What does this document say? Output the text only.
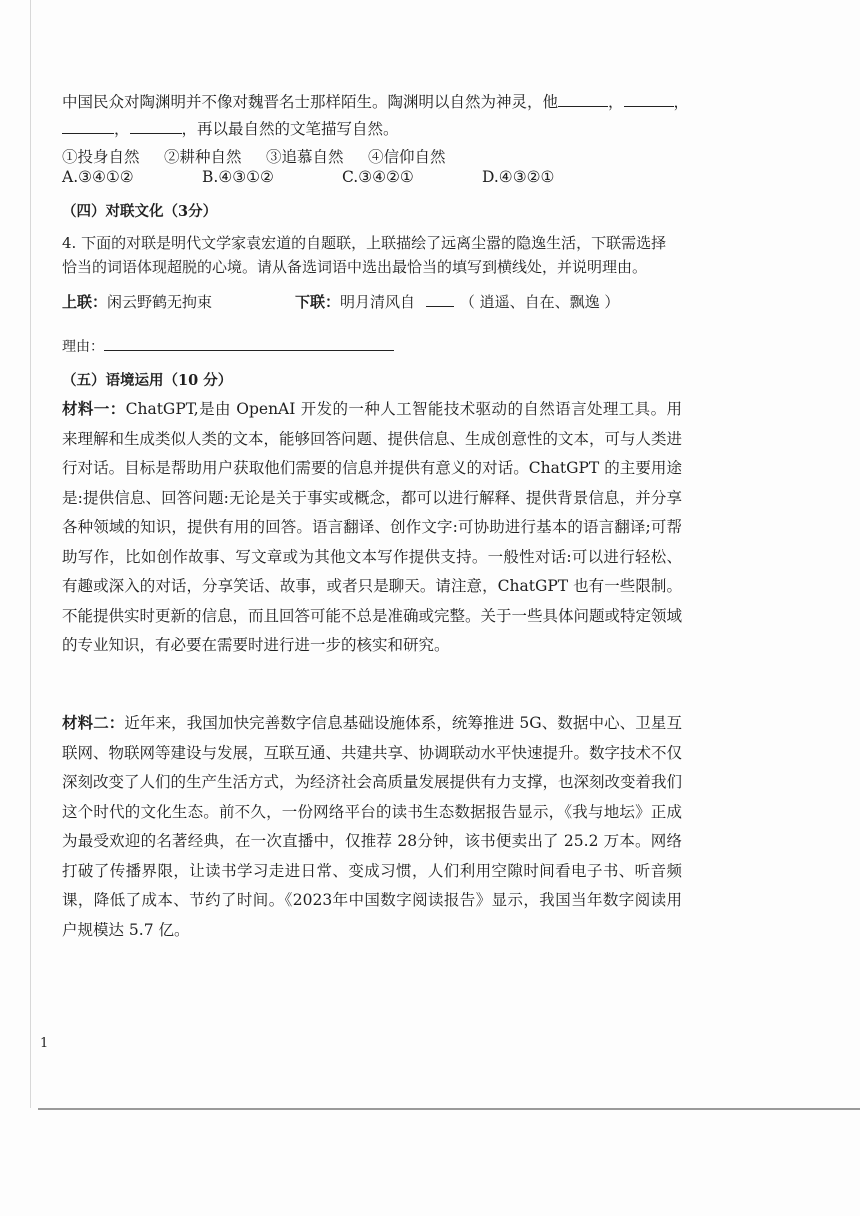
中国民众对陶渊明并不像对魏晋名士那样陌生。陶渊明以自然为神灵，他	，	，
，	，再以最自然的文笔描写自然。
①投身自然 ②耕种自然 ③追慕自然 ④信仰自然
A.③④①②	B.④③①②	C.③④②①	D.④③②①
（四）对联文化（3分）
4. 下面的对联是明代文学家袁宏道的自题联，上联描绘了远离尘嚣的隐逸生活，下联需选择
恰当的词语体现超脱的心境。请从备选词语中选出最恰当的填写到横线处，并说明理由。
上联：闲云野鹤无拘束	下联：明月清风自	（ 逍遥、自在、飘逸 ）
理由：
（五）语境运用（10 分）
材料一：ChatGPT,是由 OpenAI 开发的一种人工智能技术驱动的自然语言处理工具。用来理解和生成类似人类的文本，能够回答问题、提供信息、生成创意性的文本，可与人类进行对话。目标是帮助用户获取他们需要的信息并提供有意义的对话。ChatGPT 的主要用途是:提供信息、回答问题:无论是关于事实或概念，都可以进行解释、提供背景信息，并分享各种领域的知识，提供有用的回答。语言翻译、创作文字:可协助进行基本的语言翻译;可帮助写作，比如创作故事、写文章或为其他文本写作提供支持。一般性对话:可以进行轻松、有趣或深入的对话，分享笑话、故事，或者只是聊天。请注意，ChatGPT 也有一些限制。不能提供实时更新的信息，而且回答可能不总是准确或完整。关于一些具体问题或特定领域的专业知识，有必要在需要时进行进一步的核实和研究。
材料二：近年来，我国加快完善数字信息基础设施体系，统筹推进 5G、数据中心、卫星互联网、物联网等建设与发展，互联互通、共建共享、协调联动水平快速提升。数字技术不仅深刻改变了人们的生产生活方式，为经济社会高质量发展提供有力支撑，也深刻改变着我们这个时代的文化生态。前不久，一份网络平台的读书生态数据报告显示，《我与地坛》正成为最受欢迎的名著经典，在一次直播中，仅推荐 28分钟，该书便卖出了 25.2 万本。网络打破了传播界限，让读书学习走进日常、变成习惯，人们利用空隙时间看电子书、听音频课，降低了成本、节约了时间。《2023年中国数字阅读报告》显示，我国当年数字阅读用户规模达 5.7 亿。
1
